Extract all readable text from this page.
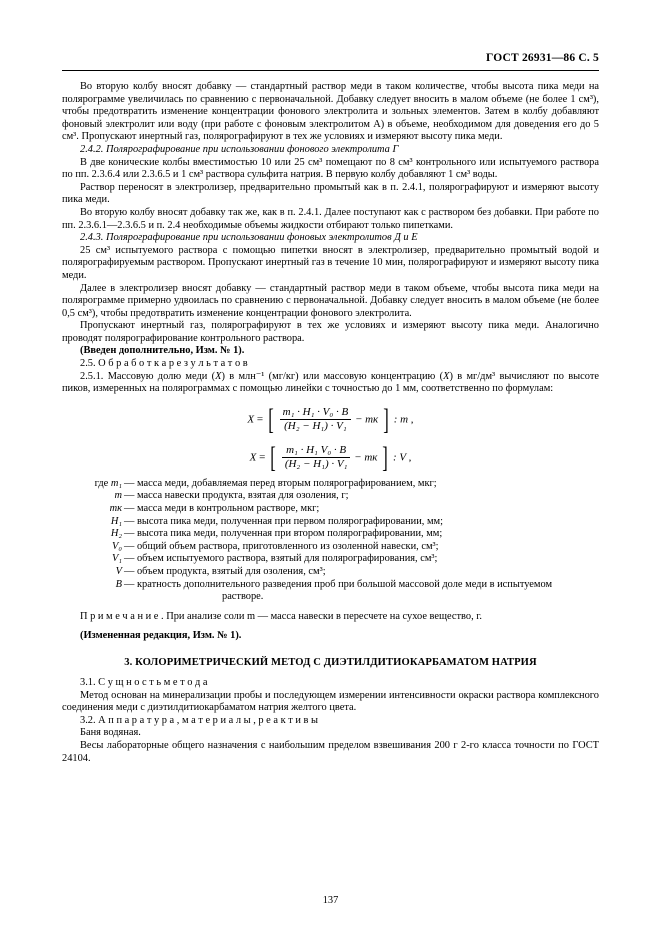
ГОСТ 26931—86 С. 5

Во вторую колбу вносят добавку — стандартный раствор меди в таком количестве, чтобы высота пика меди на полярограмме увеличилась по сравнению с первоначальной. Добавку следует вносить в малом объеме (не более 1 см³), чтобы предотвратить изменение концентрации фонового электролита и зольных элементов. Затем в колбу добавляют фоновый электролит или воду (при работе с фоновым электролитом А) в объеме, необходимом для доведения его до 5 см³. Пропускают инертный газ, полярографируют в тех же условиях и измеряют высоту пика меди.

2.4.2. Полярографирование при использовании фонового электролита Г

В две конические колбы вместимостью 10 или 25 см³ помещают по 8 см³ контрольного или испытуемого раствора по пп. 2.3.6.4 или 2.3.6.5 и 1 см³ раствора сульфита натрия. В первую колбу добавляют 1 см³ воды.

Раствор переносят в электролизер, предварительно промытый как в п. 2.4.1, полярографируют и измеряют высоту пика меди.

Во вторую колбу вносят добавку так же, как в п. 2.4.1. Далее поступают как с раствором без добавки. При работе по пп. 2.3.6.1—2.3.6.5 и п. 2.4 необходимые объемы жидкости отбирают только пипетками.

2.4.3. Полярографирование при использовании фоновых электролитов Д и Е

25 см³ испытуемого раствора с помощью пипетки вносят в электролизер, предварительно промытый водой и полярографируемым раствором. Пропускают инертный газ в течение 10 мин, полярографируют и измеряют высоту пика меди.

Далее в электролизер вносят добавку — стандартный раствор меди в таком объеме, чтобы высота пика меди на полярограмме примерно удвоилась по сравнению с первоначальной. Добавку следует вносить в малом объеме (не более 0,5 см³), чтобы предотвратить изменение концентрации фонового электролита.

Пропускают инертный газ, полярографируют в тех же условиях и измеряют высоту пика меди. Аналогично проводят полярографирование контрольного раствора.

(Введен дополнительно, Изм. № 1).

2.5. О б р а б о т к а р е з у л ь т а т о в

2.5.1. Массовую долю меди (X) в млн⁻¹ (мг/кг) или массовую концентрацию (X) в мг/дм³ вычисляют по высоте пиков, измеренных на полярограммах с помощью линейки с точностью до 1 мм, соответственно по формулам:

X = [ $\frac{\text{m₁ · H₁ · V₀ · В}}{\text{(H₂ − H₁) · V₁}}$ − mк ] : m ,
X = [ $\frac{\text{m₁ · H₁ V₀ · В}}{\text{(H₂ − H₁) · V₁}}$ − mк ] : V ,
где m₁ — масса меди, добавляемая перед вторым полярографированием, мкг;
m — масса навески продукта, взятая для озоления, г;
mк — масса меди в контрольном растворе, мкг;
H₁ — высота пика меди, полученная при первом полярографировании, мм;
H₂ — высота пика меди, полученная при втором полярографировании, мм;
V₀ — общий объем раствора, приготовленного из озоленной навески, см³;
V₁ — объем испытуемого раствора, взятый для полярографирования, см³;
V — объем продукта, взятый для озоления, см³;
В — кратность дополнительного разведения проб при большой массовой доле меди в испытуемом
растворе.

П р и м е ч а н и е . При анализе соли m — масса навески в пересчете на сухое вещество, г.

(Измененная редакция, Изм. № 1).

3. КОЛОРИМЕТРИЧЕСКИЙ МЕТОД С ДИЭТИЛДИТИОКАРБАМАТОМ НАТРИЯ

3.1. С у щ н о с т ь м е т о д а

Метод основан на минерализации пробы и последующем измерении интенсивности окраски раствора комплексного соединения меди с диэтилдитиокарбаматом натрия желтого цвета.

3.2. А п п а р а т у р а , м а т е р и а л ы , р е а к т и в ы

Баня водяная.

Весы лабораторные общего назначения с наибольшим пределом взвешивания 200 г 2-го класса точности по ГОСТ 24104.

137
